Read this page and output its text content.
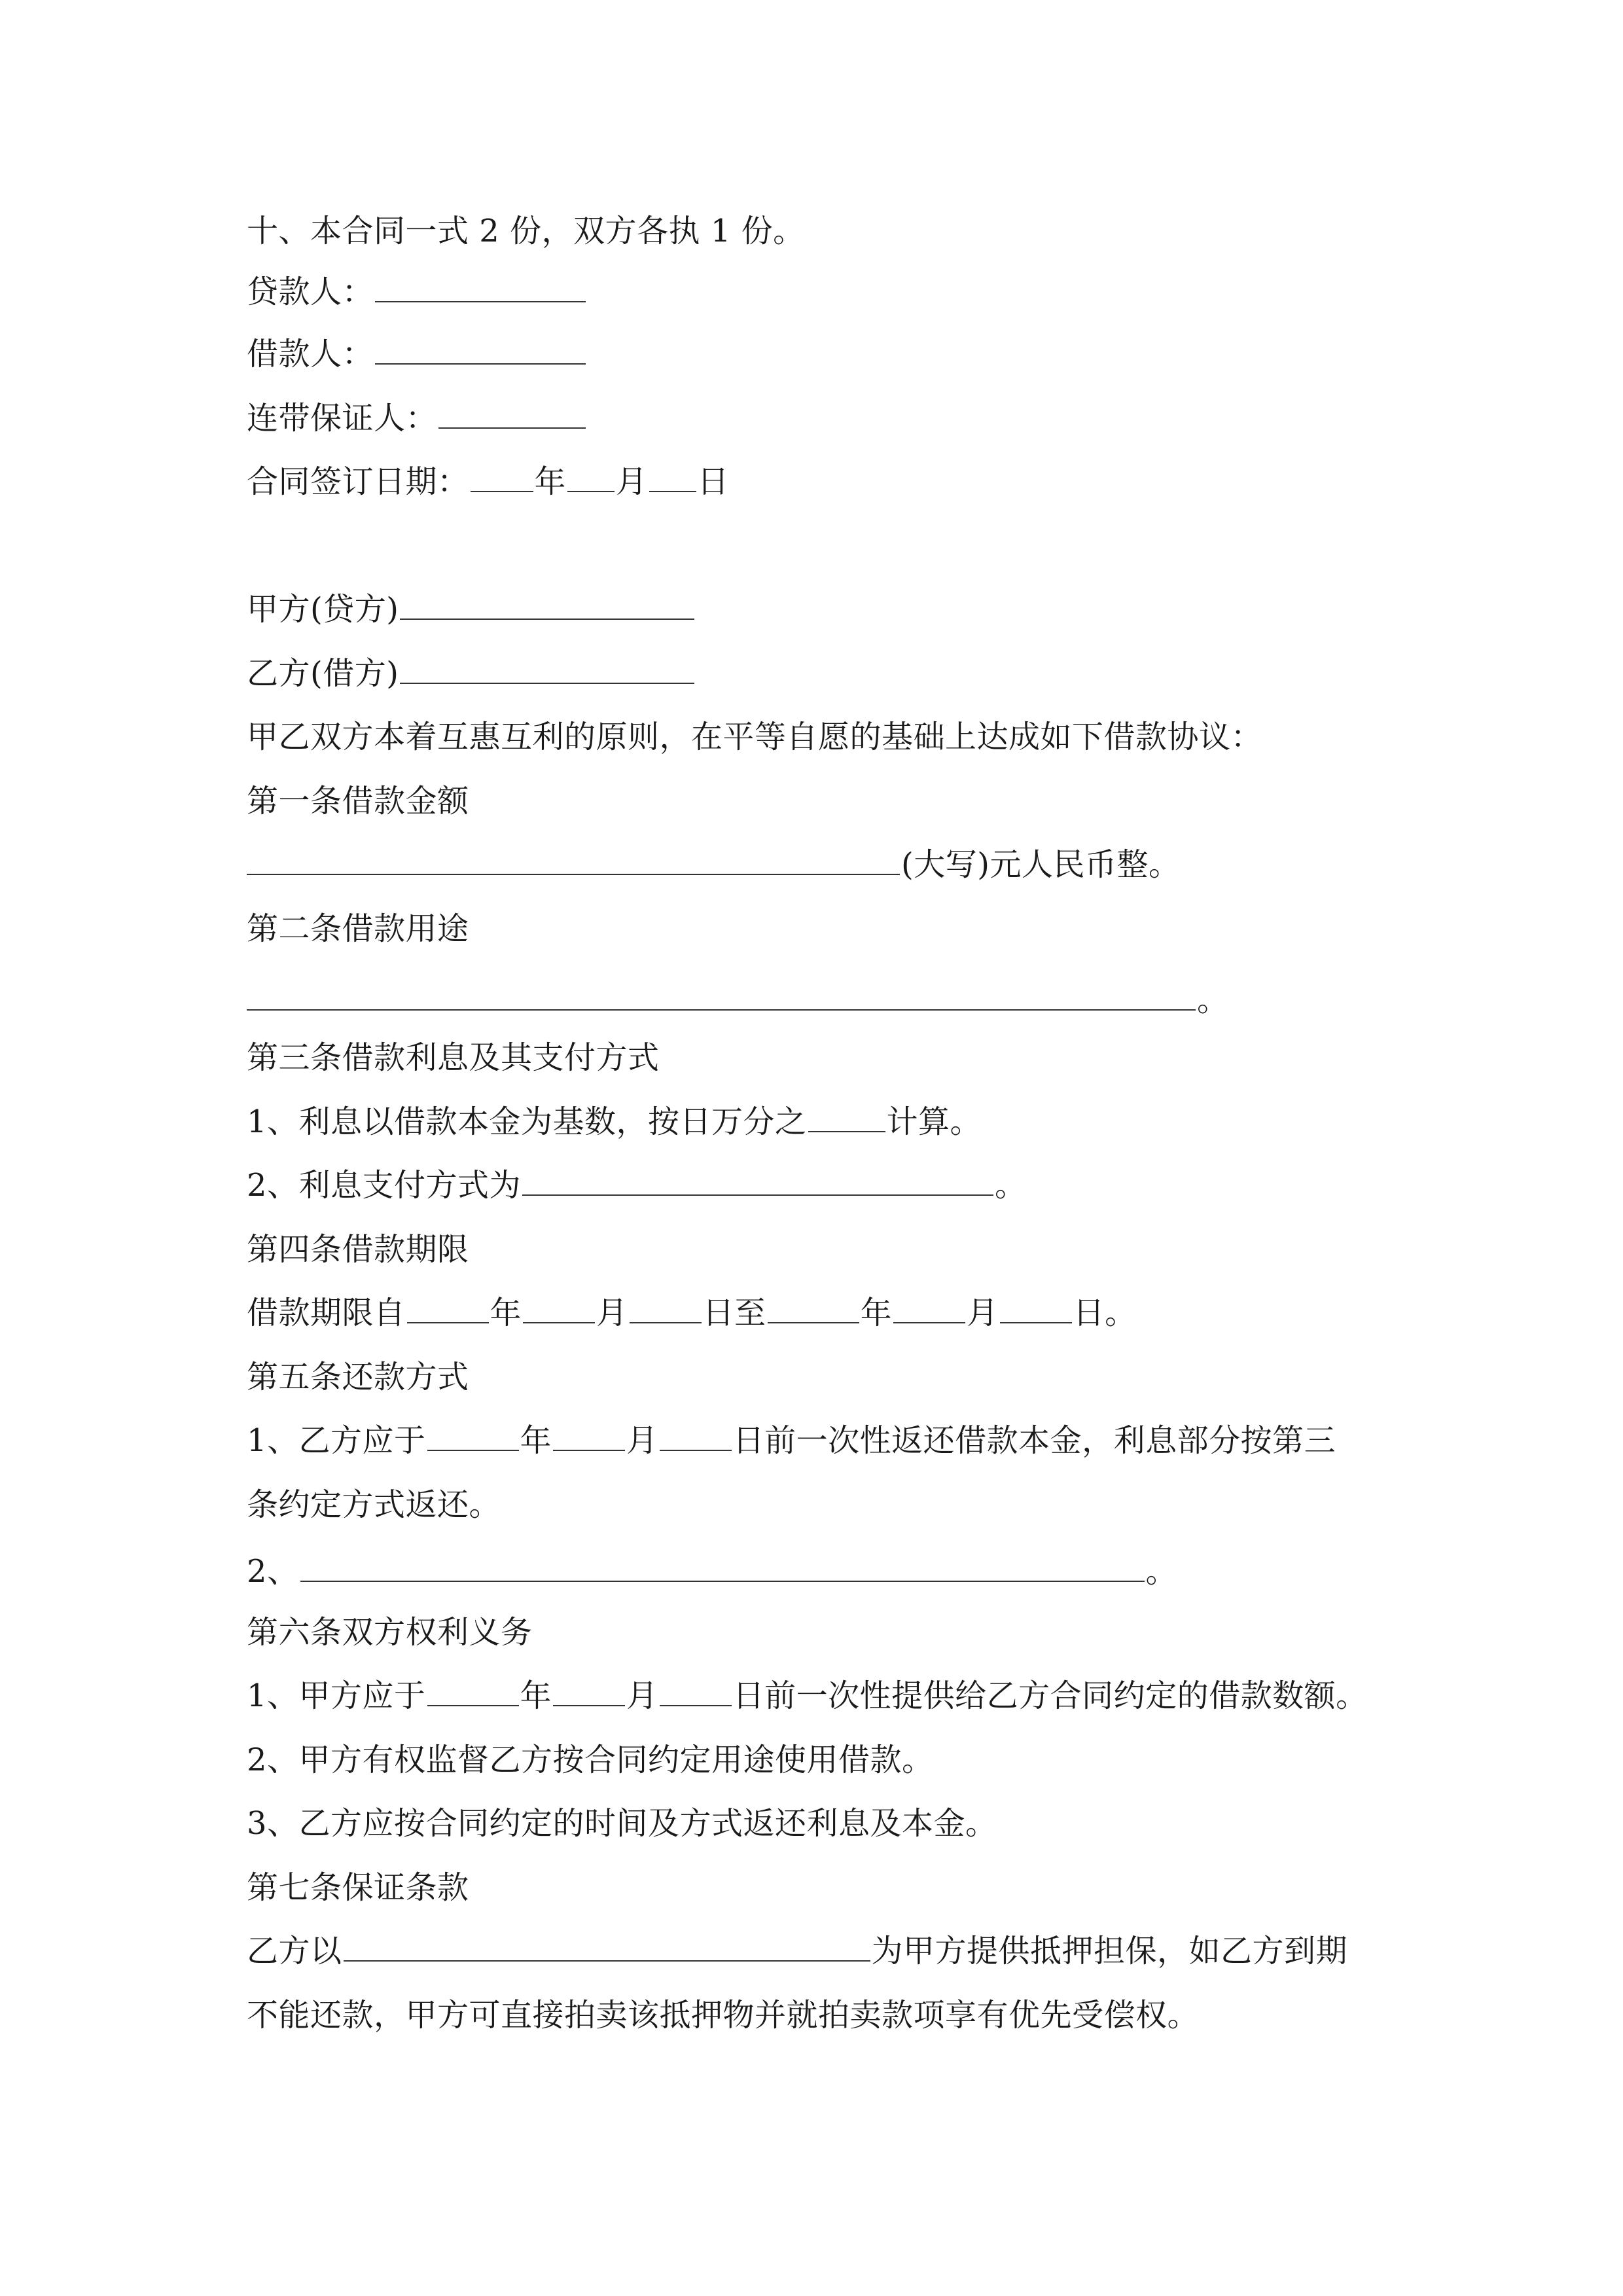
十、本合同一式 2 份，双方各执 1 份。
贷款人：
借款人：
连带保证人：
合同签订日期： 年 月 日
甲方(贷方)
乙方(借方)
甲乙双方本着互惠互利的原则，在平等自愿的基础上达成如下借款协议：
第一条借款金额
(大写)元人民币整。
第二条借款用途
。
第三条借款利息及其支付方式
1、利息以借款本金为基数，按日万分之	计算。
2、利息支付方式为	。
第四条借款期限
借款期限自	年 月 日至	年 月 日。
第五条还款方式
1、乙方应于	年 月 日前一次性返还借款本金，利息部分按第三
条约定方式返还。
2、	。
第六条双方权利义务
1、甲方应于	年 月 日前一次性提供给乙方合同约定的借款数额。
2、甲方有权监督乙方按合同约定用途使用借款。
3、乙方应按合同约定的时间及方式返还利息及本金。
第七条保证条款
乙方以	为甲方提供抵押担保，如乙方到期
不能还款，甲方可直接拍卖该抵押物并就拍卖款项享有优先受偿权。
